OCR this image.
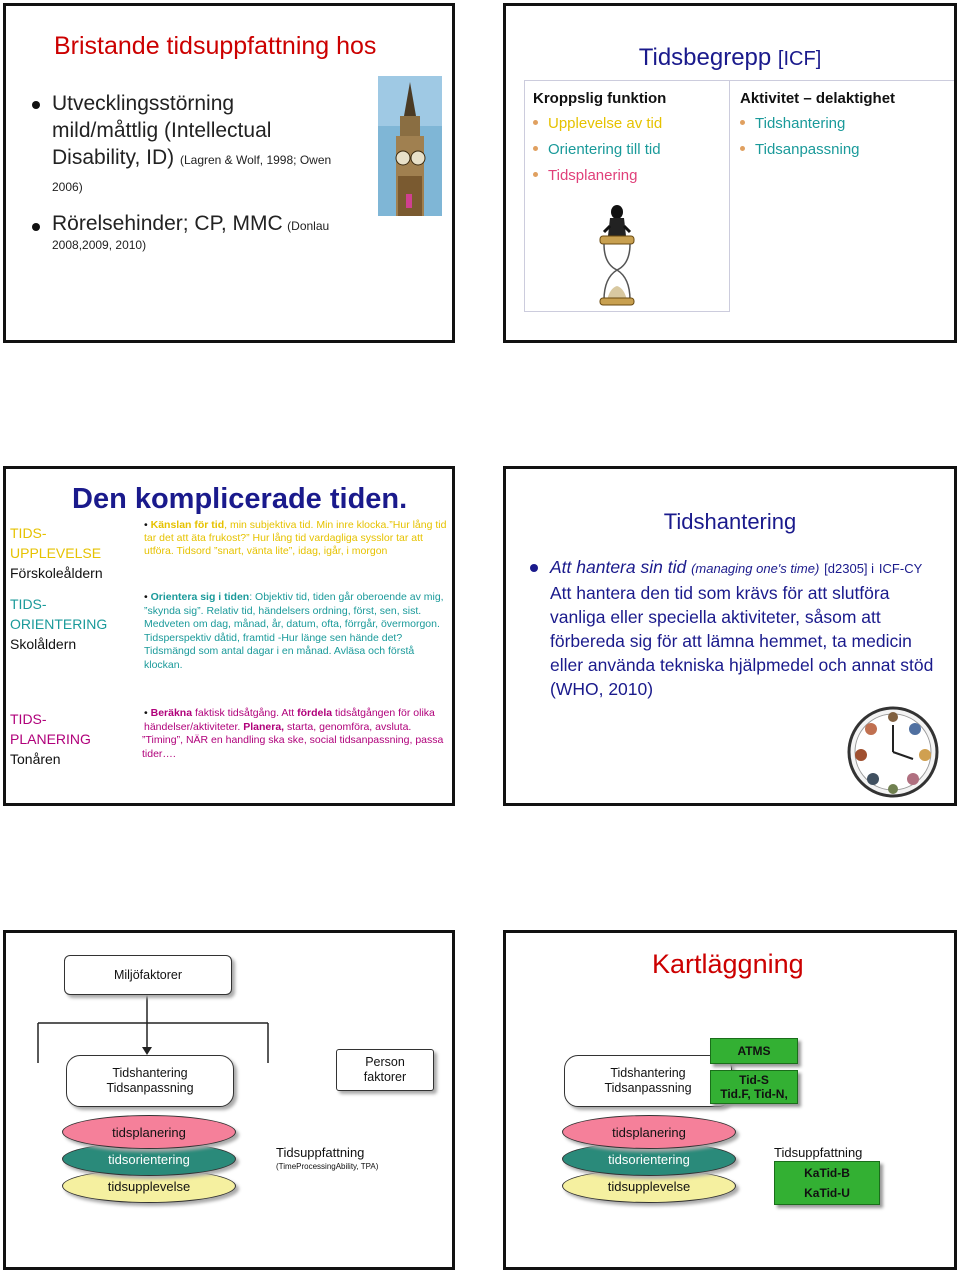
Bristande tidsuppfattning hos
Utvecklingsstörning
mild/måttlig (Intellectual
Disability, ID) (Lagren & Wolf, 1998; Owen
2006)
Rörelsehinder; CP, MMC (Donlau
2008,2009, 2010)
Tidsbegrepp [ICF]
Kroppslig funktion
Upplevelse av tid
Orientering till tid
Tidsplanering
Aktivitet – delaktighet
Tidshantering
Tidsanpassning
Den komplicerade tiden.
TIDS-
UPPLEVELSE
Förskoleåldern
TIDS-
ORIENTERING
Skolåldern
TIDS-
PLANERING
Tonåren
• Känslan för tid, min subjektiva tid. Min inre klocka.”Hur lång tid tar det att äta frukost?” Hur lång tid vardagliga sysslor tar att utföra. Tidsord ”snart, vänta lite”, idag, igår, i morgon
• Orientera sig i tiden: Objektiv tid, tiden går oberoende av mig, ”skynda sig”. Relativ tid, händelsers ordning, först, sen, sist. Medveten om dag, månad, år, datum, ofta, förrgår, övermorgon. Tidsperspektiv dåtid, framtid -Hur länge sen hände det? Tidsmängd som antal dagar i en månad. Avläsa och förstå klockan.
• Beräkna faktisk tidsåtgång. Att fördela tidsåtgången för olika händelser/aktiviteter. Planera, starta, genomföra, avsluta.
”Timing”, NÄR en handling ska ske, social tidsanpassning, passa tider….
Tidshantering
Att hantera sin tid (managing one's time) [d2305] i ICF-CY Att hantera den tid som krävs för att slutföra vanliga eller speciella aktiviteter, såsom att förbereda sig för att lämna hemmet, ta medicin eller använda tekniska hjälpmedel och annat stöd (WHO, 2010)
Miljöfaktorer
Tidshantering
Tidsanpassning
Person
faktorer
tidsupplevelse
tidsorientering
tidsplanering
Tidsuppfattning
(TimeProcessingAbility, TPA)
Kartläggning
Tidshantering
Tidsanpassning
ATMS
Tid-S
Tid.F, Tid-N,
tidsupplevelse
tidsorientering
tidsplanering
Tidsuppfattning
KaTid-B
KaTid-U
